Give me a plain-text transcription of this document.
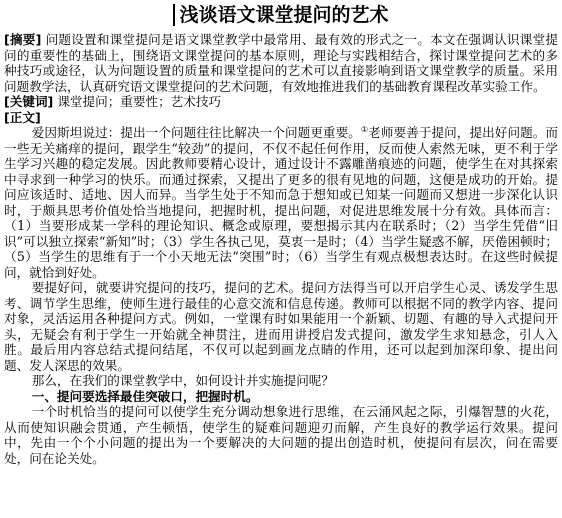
浅谈语文课堂提问的艺术

[摘要] 问题设置和课堂提问是语文课堂教学中最常用、最有效的形式之一。本文在强调认识课堂提问的重要性的基础上，围绕语文课堂提问的基本原则，理论与实践相结合，探讨课堂提问艺术的多种技巧或途径，认为问题设置的质量和课堂提问的艺术可以直接影响到语文课堂教学的质量。采用问题教学法，认真研究语文课堂提问的艺术问题，有效地推进我们的基础教育课程改革实验工作。

[关键词] 课堂提问；重要性；艺术技巧

[正文]

爱因斯坦说过：提出一个问题往往比解决一个问题更重要。①老师要善于提问，提出好问题。而一些无关痛痒的提问，跟学生“较劲”的提问，不仅不起任何作用，反而使人索然无味，更不利于学生学习兴趣的稳定发展。因此教师要精心设计，通过设计不露雕凿痕迹的问题，使学生在对其探索中寻求到一种学习的快乐。而通过探索，又提出了更多的很有见地的问题，这便是成功的开始。提问应该适时、适地、因人而异。当学生处于不知而急于想知或已知某一问题而又想进一步深化认识时，于颇具思考价值处恰当地提问，把握时机，提出问题，对促进思维发展十分有效。具体而言：（1）当要形成某一学科的理论知识、概念或原理，要想揭示其内在联系时；（2）当学生凭借“旧识”可以独立探索“新知”时；（3）学生各执己见，莫衷一是时；（4）当学生疑惑不解，厌倦困顿时；（5）当学生的思维有于一个小天地无法“突围”时；（6）当学生有观点极想表达时。在这些时候提问，就恰到好处。

要提好问，就要讲究提问的技巧，提问的艺术。提问方法得当可以开启学生心灵、诱发学生思考、调节学生思维，使师生进行最佳的心意交流和信息传递。教师可以根据不同的教学内容、提问对象，灵活运用各种提问方式。例如，一堂课有时如果能用一个新颖、切题、有趣的导入式提问开头，无疑会有利于学生一开始就全神贯注，进而用讲授启发式提问，激发学生求知悬念，引人入胜。最后用内容总结式提问结尾，不仅可以起到画龙点睛的作用，还可以起到加深印象、提出问题、发人深思的效果。

那么，在我们的课堂教学中，如何设计并实施提问呢？

一、提问要选择最佳突破口，把握时机。

一个时机恰当的提问可以使学生充分调动想象进行思维，在云涌风起之际，引爆智慧的火花，从而使知识融会贯通，产生顿悟，使学生的疑难问题迎刃而解，产生良好的教学运行效果。提问中，先由一个个小问题的提出为一个要解决的大问题的提出创造时机，使提问有层次，问在需要处，问在论关处。
